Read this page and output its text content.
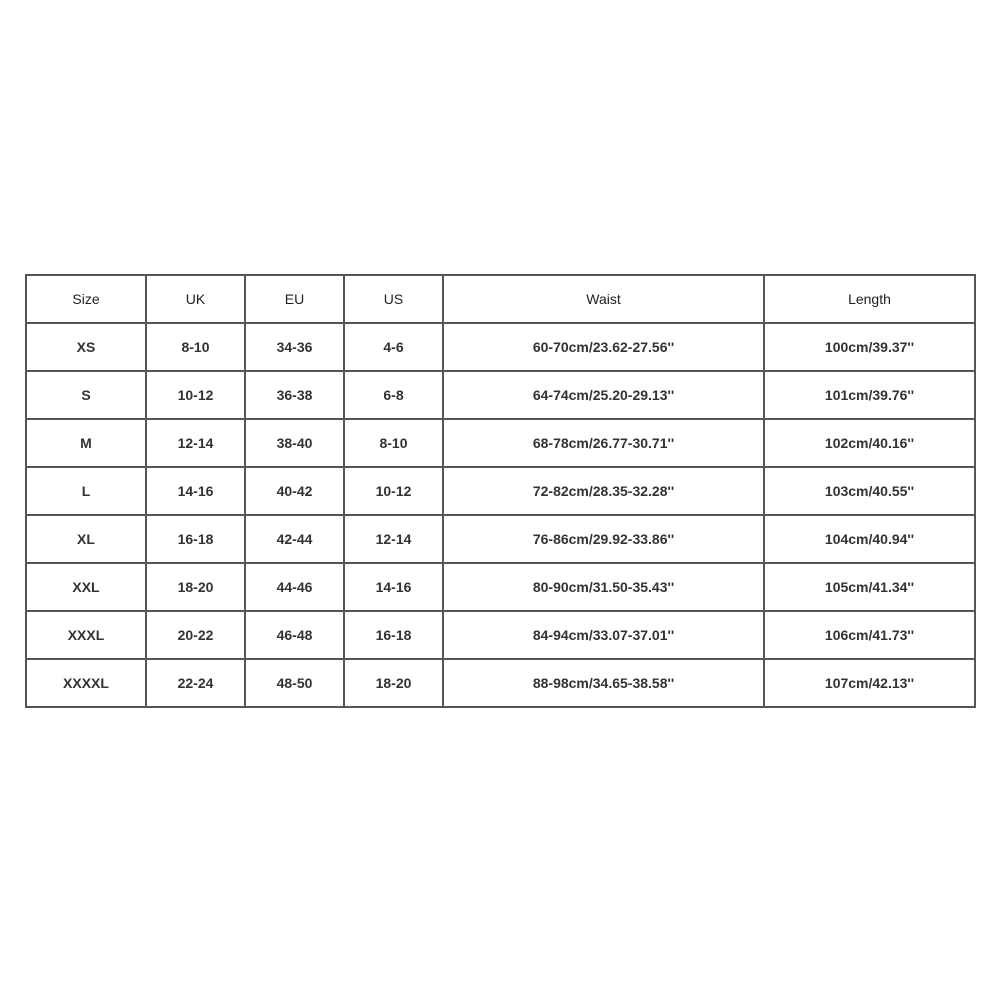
Size	UK	EU	US	Waist	Length
XS	8-10	34-36	4-6	60-70cm/23.62-27.56''	100cm/39.37''
S	10-12	36-38	6-8	64-74cm/25.20-29.13''	101cm/39.76''
M	12-14	38-40	8-10	68-78cm/26.77-30.71''	102cm/40.16''
L	14-16	40-42	10-12	72-82cm/28.35-32.28''	103cm/40.55''
XL	16-18	42-44	12-14	76-86cm/29.92-33.86''	104cm/40.94''
XXL	18-20	44-46	14-16	80-90cm/31.50-35.43''	105cm/41.34''
XXXL	20-22	46-48	16-18	84-94cm/33.07-37.01''	106cm/41.73''
XXXXL	22-24	48-50	18-20	88-98cm/34.65-38.58''	107cm/42.13''
